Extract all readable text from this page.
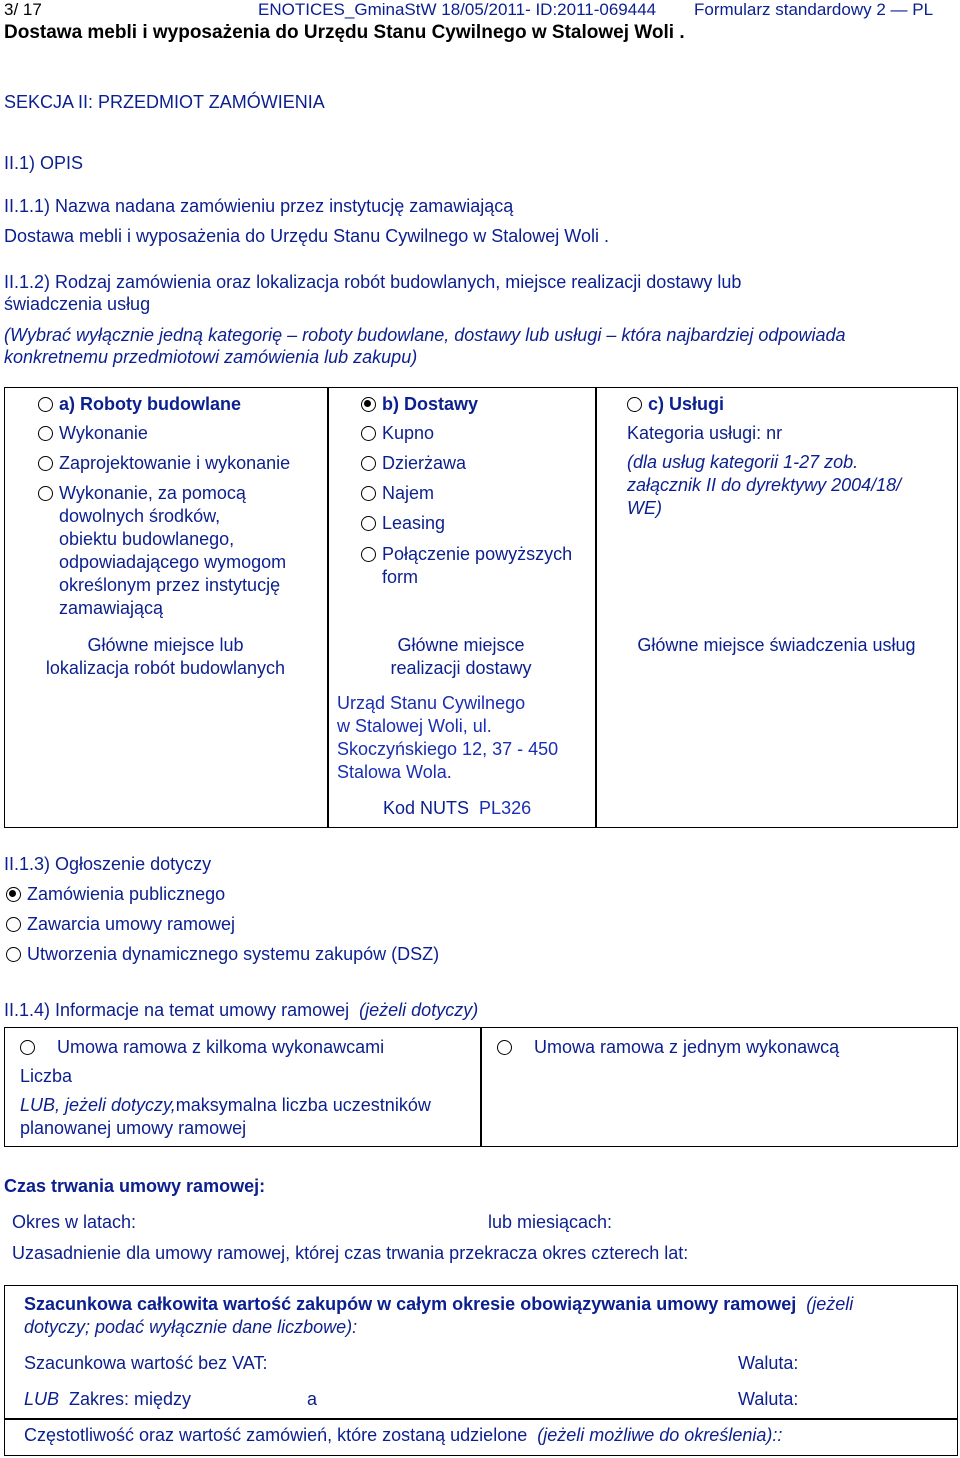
3/ 17	ENOTICES_GminaStW 18/05/2011- ID:2011-069444 Formularz standardowy 2 — PL
Dostawa mebli i wyposażenia do Urzędu Stanu Cywilnego w Stalowej Woli .
SEKCJA II: PRZEDMIOT ZAMÓWIENIA
II.1) OPIS
II.1.1) Nazwa nadana zamówieniu przez instytucję zamawiającą
Dostawa mebli i wyposażenia do Urzędu Stanu Cywilnego w Stalowej Woli .
II.1.2) Rodzaj zamówienia oraz lokalizacja robót budowlanych, miejsce realizacji dostawy lub
świadczenia usług
(Wybrać wyłącznie jedną kategorię – roboty budowlane, dostawy lub usługi – która najbardziej odpowiada
konkretnemu przedmiotowi zamówienia lub zakupu)
a) Roboty budowlane
Wykonanie
Zaprojektowanie i wykonanie
Wykonanie, za pomocą
dowolnych środków,
obiektu budowlanego,
odpowiadającego wymogom
określonym przez instytucję
zamawiającą
Główne miejsce lub
lokalizacja robót budowlanych
b) Dostawy
Kupno
Dzierżawa
Najem
Leasing
Połączenie powyższych
form
Główne miejsce
realizacji dostawy
Urząd Stanu Cywilnego
w Stalowej Woli, ul.
Skoczyńskiego 12, 37 - 450
Stalowa Wola.
Kod NUTS PL326
c) Usługi
Kategoria usługi: nr
(dla usług kategorii 1-27 zob.
załącznik II do dyrektywy 2004/18/
WE)
Główne miejsce świadczenia usług
II.1.3) Ogłoszenie dotyczy
Zamówienia publicznego
Zawarcia umowy ramowej
Utworzenia dynamicznego systemu zakupów (DSZ)
II.1.4) Informacje na temat umowy ramowej (jeżeli dotyczy)
Umowa ramowa z kilkoma wykonawcami
Liczba
LUB, jeżeli dotyczy,maksymalna liczba uczestników
planowanej umowy ramowej
Umowa ramowa z jednym wykonawcą
Czas trwania umowy ramowej:
Okres w latach:	lub miesiącach:
Uzasadnienie dla umowy ramowej, której czas trwania przekracza okres czterech lat:
Szacunkowa całkowita wartość zakupów w całym okresie obowiązywania umowy ramowej (jeżeli
dotyczy; podać wyłącznie dane liczbowe):
Szacunkowa wartość bez VAT:	Waluta:
LUB Zakres: między	a	Waluta:
Częstotliwość oraz wartość zamówień, które zostaną udzielone (jeżeli możliwe do określenia)::
